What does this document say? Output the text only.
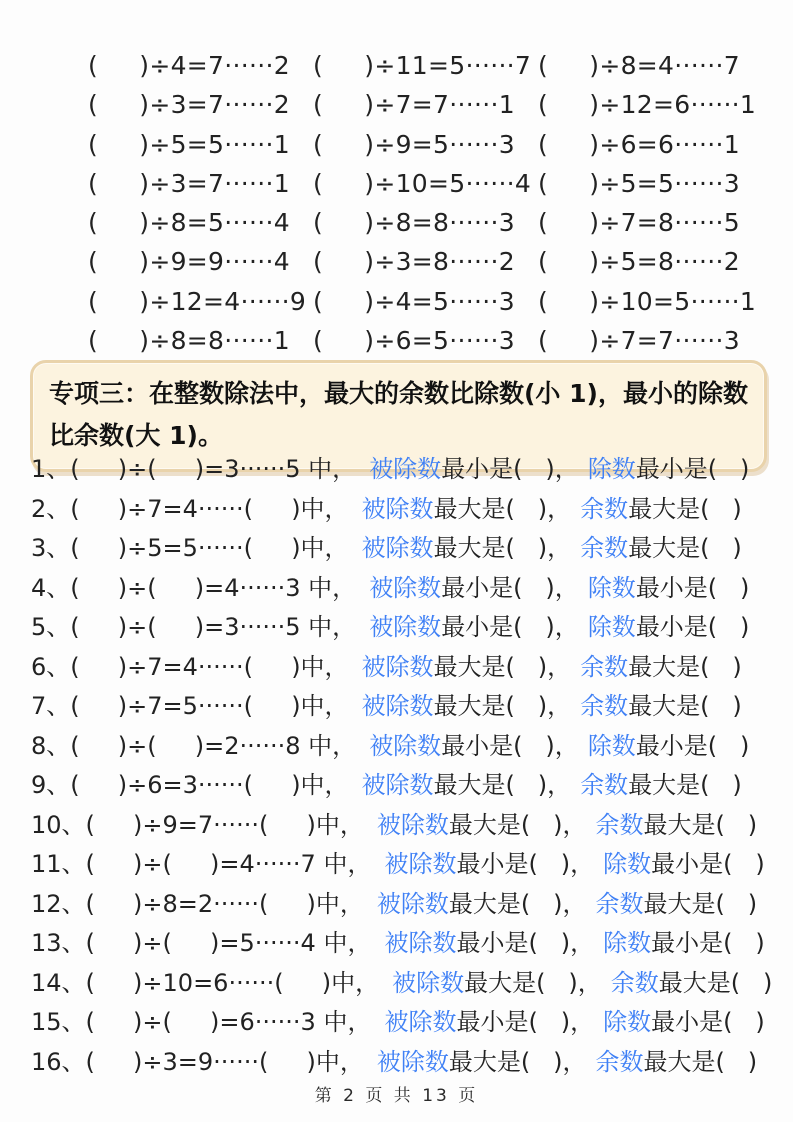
(     )÷4=7······2 (     )÷11=5······7 (     )÷8=4······7
(     )÷3=7······2 (     )÷7=7······1 (     )÷12=6······1
(     )÷5=5······1 (     )÷9=5······3 (     )÷6=6······1
(     )÷3=7······1 (     )÷10=5······4 (     )÷5=5······3
(     )÷8=5······4 (     )÷8=8······3 (     )÷7=8······5
(     )÷9=9······4 (     )÷3=8······2 (     )÷5=8······2
(     )÷12=4······9 (     )÷4=5······3 (     )÷10=5······1
(     )÷8=8······1 (     )÷6=5······3 (     )÷7=7······3
专项三：在整数除法中，最大的余数比除数(小 1)，最小的除数比余数(大 1)。
1、 (     )÷(     )=3······5 中， 被除数 最小是(   )， 除数 最小是(   )
2、 (     )÷7=4······(     )中， 被除数 最大是(   )， 余数 最大是(   )
3、 (     )÷5=5······(     )中， 被除数 最大是(   )， 余数 最大是(   )
4、 (     )÷(     )=4······3 中， 被除数 最小是(   )， 除数 最小是(   )
5、 (     )÷(     )=3······5 中， 被除数 最小是(   )， 除数 最小是(   )
6、 (     )÷7=4······(     )中， 被除数 最大是(   )， 余数 最大是(   )
7、 (     )÷7=5······(     )中， 被除数 最大是(   )， 余数 最大是(   )
8、 (     )÷(     )=2······8 中， 被除数 最小是(   )， 除数 最小是(   )
9、 (     )÷6=3······(     )中， 被除数 最大是(   )， 余数 最大是(   )
10、 (     )÷9=7······(     )中， 被除数 最大是(   )， 余数 最大是(   )
11、 (     )÷(     )=4······7 中， 被除数 最小是(   )， 除数 最小是(   )
12、 (     )÷8=2······(     )中， 被除数 最大是(   )， 余数 最大是(   )
13、 (     )÷(     )=5······4 中， 被除数 最小是(   )， 除数 最小是(   )
14、 (     )÷10=6······(     )中， 被除数 最大是(   )， 余数 最大是(   )
15、 (     )÷(     )=6······3 中， 被除数 最小是(   )， 除数 最小是(   )
16、 (     )÷3=9······(     )中， 被除数 最大是(   )， 余数 最大是(   )
第 2 页 共 13 页
